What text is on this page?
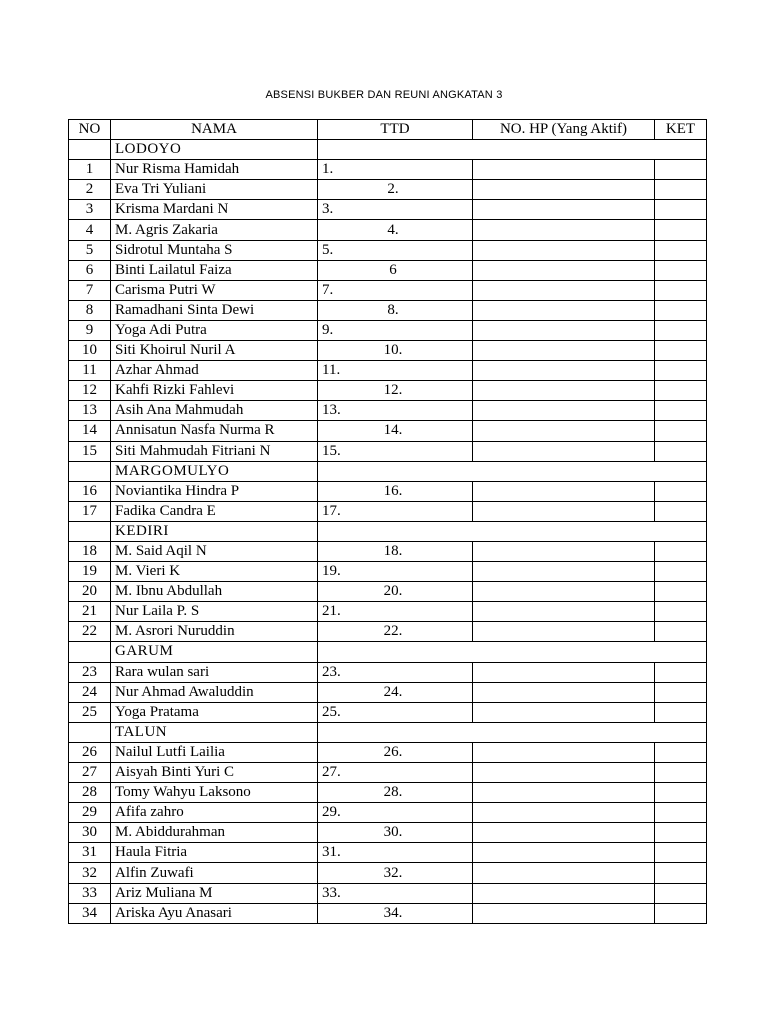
ABSENSI BUKBER DAN REUNI ANGKATAN 3
NO	NAMA	TTD	NO. HP (Yang Aktif)	KET
	LODOYO			
1	Nur Risma Hamidah	1.		
2	Eva Tri Yuliani	2.		
3	Krisma Mardani N	3.		
4	M. Agris Zakaria	4.		
5	Sidrotul Muntaha S	5.		
6	Binti Lailatul Faiza	6		
7	Carisma Putri W	7.		
8	Ramadhani Sinta Dewi	8.		
9	Yoga Adi Putra	9.		
10	Siti Khoirul Nuril A	10.		
11	Azhar Ahmad	11.		
12	Kahfi Rizki Fahlevi	12.		
13	Asih Ana Mahmudah	13.		
14	Annisatun Nasfa Nurma R	14.		
15	Siti Mahmudah Fitriani N	15.		
	MARGOMULYO			
16	Noviantika Hindra P	16.		
17	Fadika Candra E	17.		
	KEDIRI			
18	M. Said Aqil N	18.		
19	M. Vieri K	19.		
20	M. Ibnu Abdullah	20.		
21	Nur Laila P. S	21.		
22	M. Asrori Nuruddin	22.		
	GARUM			
23	Rara wulan sari	23.		
24	Nur Ahmad Awaluddin	24.		
25	Yoga Pratama	25.		
	TALUN			
26	Nailul Lutfi Lailia	26.		
27	Aisyah Binti Yuri C	27.		
28	Tomy Wahyu Laksono	28.		
29	Afifa zahro	29.		
30	M. Abiddurahman	30.		
31	Haula Fitria	31.		
32	Alfin Zuwafi	32.		
33	Ariz Muliana M	33.		
34	Ariska Ayu Anasari	34.		
